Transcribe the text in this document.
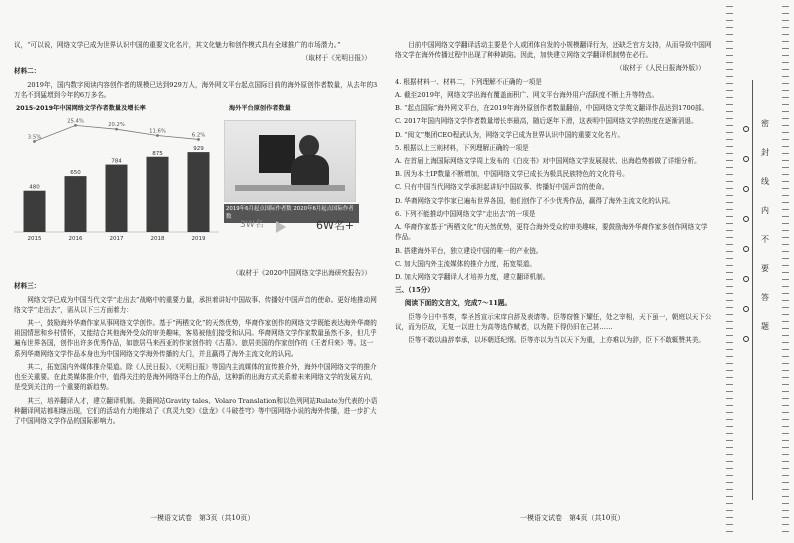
议，“可以说，网络文学已成为世界认识中国的重要文化名片，其文化魅力和创作模式具有全球推广的市场潜力。”

（取材于《光明日报》）

材料二：

2019年，国内数字阅读内容创作者的规模已达到929万人，海外网文平台起点国际目前的海外原创作者数量，从去年的3万名不到猛增到今年的6万多名。

2015-2019年中国网络文学作者数量及增长率	海外平台原创作者数量
480
2015
650
2016
784
2017
875
2018
929
2019
3.5%
25.4%
20.2%
11.6%
6.2%
2019年6月起点国际作者数 2020年6月起点国际作者数
3W名	6W名+

（取材于《2020中国网络文学出海研究报告》）

材料三：

网络文学已成为中国当代文学“走出去”战略中的重要力量，承担着讲好中国故事、传播好中国声音的使命。更好地推动网络文学“走出去”，需从以下三方面着力：

其一，鼓励海外华裔作家从事网络文学创作。基于“两栖文化”的天然优势，华裔作家创作的网络文学既能表达海外华裔的祖国情思和乡村情怀，又能结合其他海外受众的审美趣味，客易被他们接受和认同。华裔网络文学作家数量虽然不多，但几乎遍布世界各国，创作出许多优秀作品，如旅居马来西亚的作家创作的《古墓》、旅居美国的作家创作的《王者归来》等。这一系列华裔网络文学作品本身也为中国网络文学海外传播的大门，并且赢得了海外主流文化的认同。

其二，拓宽国内外媒体推介渠道。除《人民日报》、《光明日报》等国内主流媒体的宣传推介外，海外中国网络文学的推介也至关重要。在此类媒体推介中，值得关注的是海外网络平台上的作品，这种新的出海方式关系着未来网络文学的发展方向，是受到关注的一个重要的新趋势。

其三，培养翻译人才，建立翻译机制。美籍网站Gravity tales、Volaro Translation和以色列网站Rulate为代表的小语种翻译网站都相继出现，它们的活动有力地推动了《真灵九变》《盘龙》《斗破苍穹》等中国网络小说的海外传播，进一步扩大了中国网络文学作品的国际影响力。

目前中国网络文学翻译活动主要是个人或团体自发的小规模翻译行为，还缺乏官方支持，从而导致中国网络文学在海外传播过程中出现了种种缺陷。因此，加快建立网络文学翻译机制势在必行。

（取材于《人民日报海外版》）

4. 根据材料一、材料二，下列理解不正确的一项是

A. 截至2019年，网络文学出海有覆盖面积广、网文平台海外用户活跃度不断上升等特点。

B. “起点国际”海外网文平台，在2019年海外原创作者数量翻倍，中国网络文学英文翻译作品达到1700部。

C. 2017年国内网络文学作者数量增长率最高，随后逐年下滑，这表明中国网络文学的热度在逐渐消退。

D. “阅文”集团CEO程武认为，网络文学已成为世界认识中国的重要文化名片。

5. 根据以上三则材料，下列理解正确的一项是

A. 在首届上海国际网络文学周上发布的《白皮书》对中国网络文学发展现状、出海趋势都做了详细分析。

B. 因为本土IP数量不断增加，中国网络文学已成长为极具民族特色的文化符号。

C. 只有中国当代网络文学承担起讲好中国故事、传播好中国声音的使命。

D. 华裔网络文学作家已遍布世界各国，他们创作了不少优秀作品，赢得了海外主流文化的认同。

6. 下列不能推动中国网络文学“走出去”的一项是

A. 华裔作家基于“两栖文化”的天然优势，更符合海外受众的审美趣味，要鼓励海外华裔作家多创作网络文学作品。

B. 搭建海外平台，独立建设中国的唯一的产业链。

C. 加大国内外主流媒体的推介力度，拓宽渠道。

D. 加大网络文学翻译人才培养力度，建立翻译机制。

三、（15分）

阅读下面的文言文，完成7～11题。

臣等今日中书奏，奉圣旨宣示宋庠自辞及表请等。臣等窃惟下耀任，处之宰相，天下虽一，朝庭以天下公议，而为臣故，无复一以进士为高等选作赋者，以为陛下得仍旧在己甚……

臣等不敢以曲辞奉承，以坏朝廷纪纲。臣等亦以为当以天下为重，上亦难以为辞，臣下不敢辄赞其美。

一模语文试卷　第3页（共10页）	一模语文试卷　第4页（共10页）
密
封
线
内
不
要
答
题
